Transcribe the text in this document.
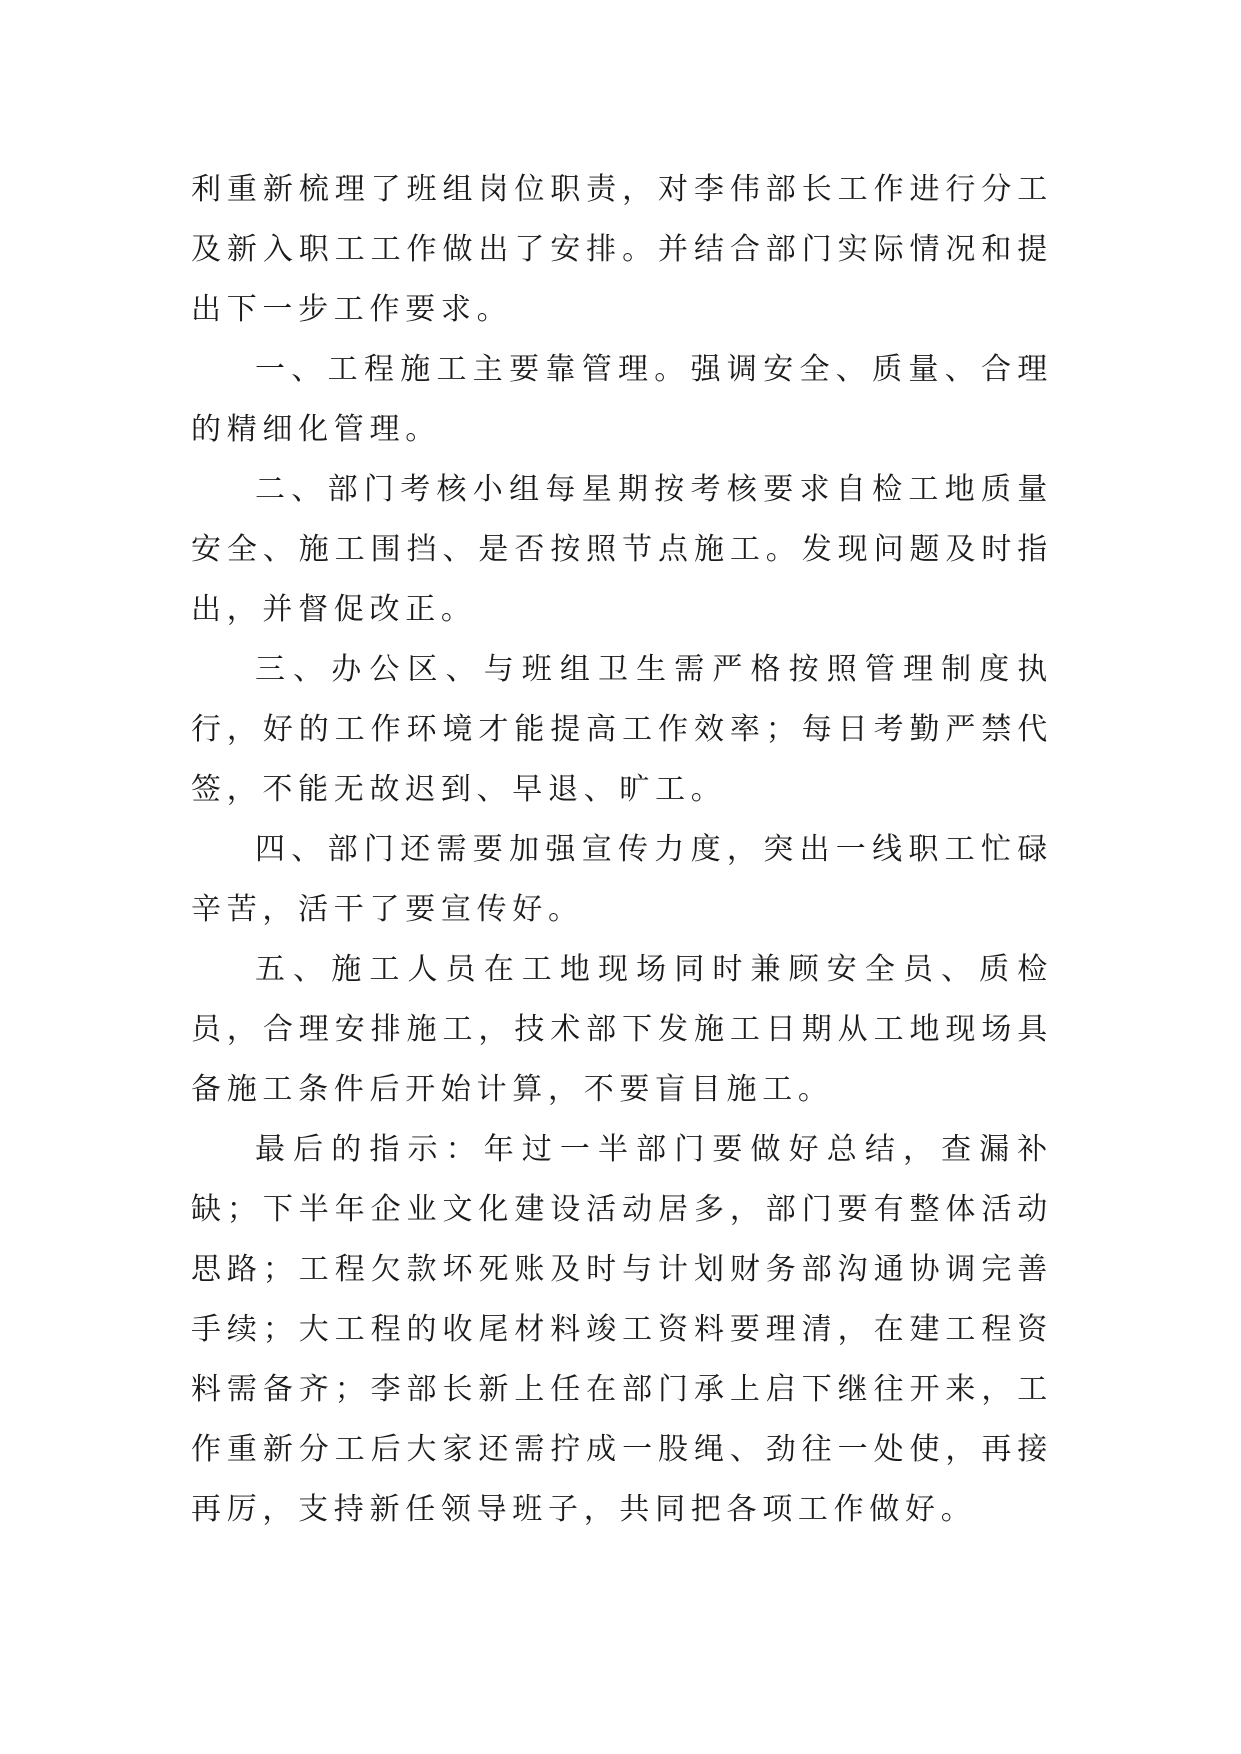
利重新梳理了班组岗位职责，对李伟部长工作进行分工及新入职工工作做出了安排。并结合部门实际情况和提出下一步工作要求。

一、工程施工主要靠管理。强调安全、质量、合理的精细化管理。

二、部门考核小组每星期按考核要求自检工地质量安全、施工围挡、是否按照节点施工。发现问题及时指出，并督促改正。

三、办公区、与班组卫生需严格按照管理制度执行，好的工作环境才能提高工作效率；每日考勤严禁代签，不能无故迟到、早退、旷工。

四、部门还需要加强宣传力度，突出一线职工忙碌辛苦，活干了要宣传好。

五、施工人员在工地现场同时兼顾安全员、质检员，合理安排施工，技术部下发施工日期从工地现场具备施工条件后开始计算，不要盲目施工。

最后的指示：年过一半部门要做好总结，查漏补缺；下半年企业文化建设活动居多，部门要有整体活动思路；工程欠款坏死账及时与计划财务部沟通协调完善手续；大工程的收尾材料竣工资料要理清，在建工程资料需备齐；李部长新上任在部门承上启下继往开来，工作重新分工后大家还需拧成一股绳、劲往一处使，再接再厉，支持新任领导班子，共同把各项工作做好。
